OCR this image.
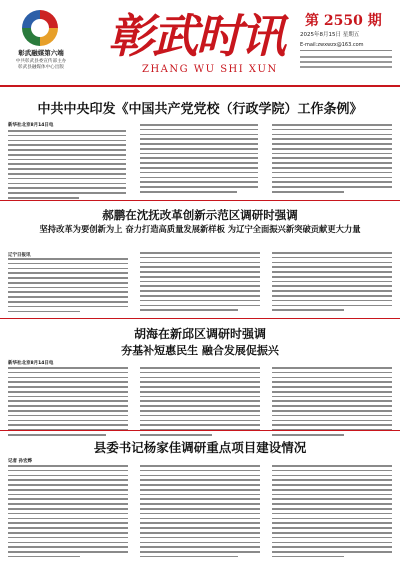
彰武融媒第六端
中共彰武县委宣传部主办
彰武县融媒体中心出版
彰武时讯
ZHANG WU SHI XUN
第 2550 期
2025年8月15日 星期五
E-mail:zwxwzx@163.com
中共中央印发《中国共产党党校（行政学院）工作条例》
新华社北京8月14日电
郝鹏在沈抚改革创新示范区调研时强调
坚持改革为要创新为上 奋力打造高质量发展新样板 为辽宁全面振兴新突破贡献更大力量
辽宁日报讯
胡海在新邱区调研时强调
夯基补短惠民生 融合发展促振兴
新华社北京8月14日电
县委书记杨家佳调研重点项目建设情况
记者 孙宏烨
